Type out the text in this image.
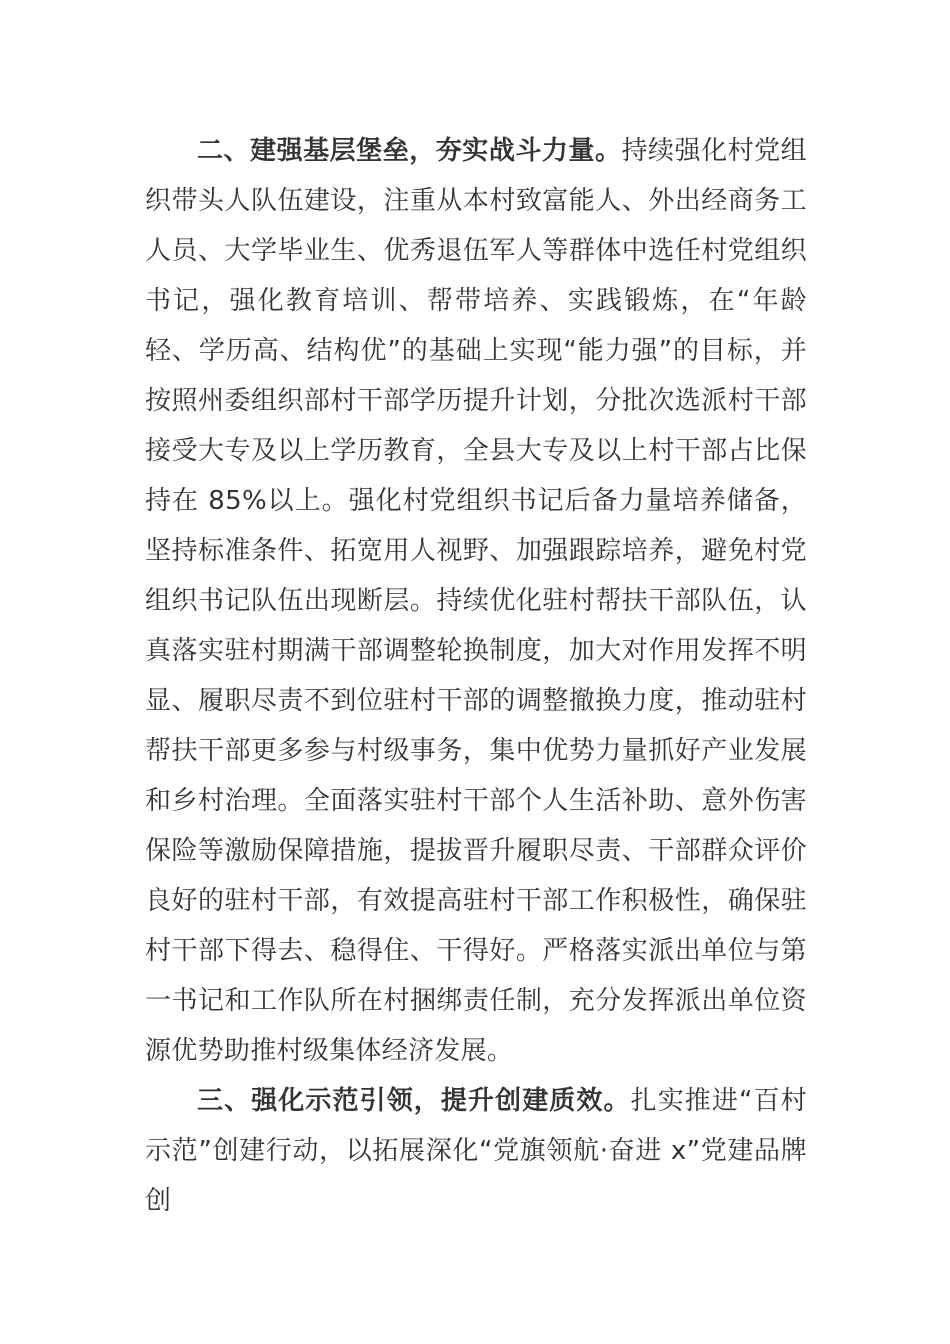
二、建强基层堡垒，夯实战斗力量。持续强化村党组织带头人队伍建设，注重从本村致富能人、外出经商务工人员、大学毕业生、优秀退伍军人等群体中选任村党组织书记，强化教育培训、帮带培养、实践锻炼，在“年龄轻、学历高、结构优”的基础上实现“能力强”的目标，并按照州委组织部村干部学历提升计划，分批次选派村干部接受大专及以上学历教育，全县大专及以上村干部占比保持在 85%以上。强化村党组织书记后备力量培养储备，坚持标准条件、拓宽用人视野、加强跟踪培养，避免村党组织书记队伍出现断层。持续优化驻村帮扶干部队伍，认真落实驻村期满干部调整轮换制度，加大对作用发挥不明显、履职尽责不到位驻村干部的调整撤换力度，推动驻村帮扶干部更多参与村级事务，集中优势力量抓好产业发展和乡村治理。全面落实驻村干部个人生活补助、意外伤害保险等激励保障措施，提拔晋升履职尽责、干部群众评价良好的驻村干部，有效提高驻村干部工作积极性，确保驻村干部下得去、稳得住、干得好。严格落实派出单位与第一书记和工作队所在村捆绑责任制，充分发挥派出单位资源优势助推村级集体经济发展。

三、强化示范引领，提升创建质效。扎实推进“百村示范”创建行动，以拓展深化“党旗领航·奋进 x”党建品牌创
